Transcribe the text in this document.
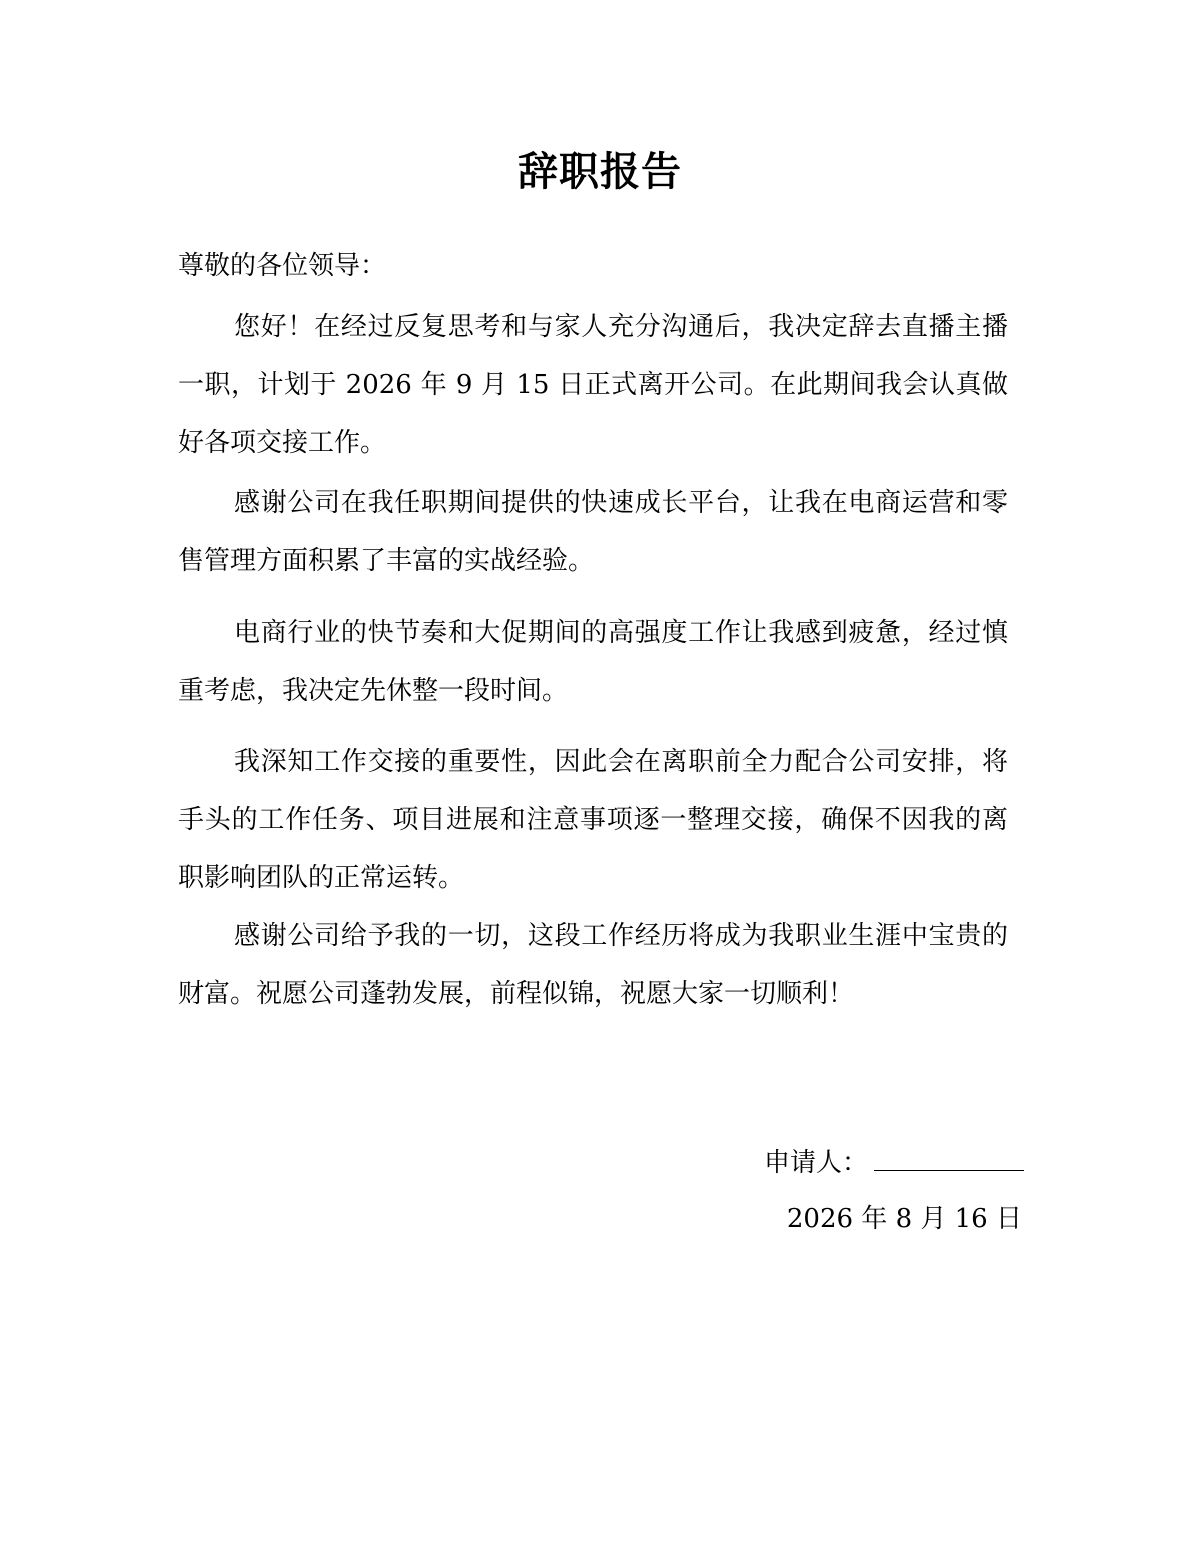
辞职报告
尊敬的各位领导：

您好！在经过反复思考和与家人充分沟通后，我决定辞去直播主播一职，计划于 2026 年 9 月 15 日正式离开公司。在此期间我会认真做好各项交接工作。

感谢公司在我任职期间提供的快速成长平台，让我在电商运营和零售管理方面积累了丰富的实战经验。

电商行业的快节奏和大促期间的高强度工作让我感到疲惫，经过慎重考虑，我决定先休整一段时间。

我深知工作交接的重要性，因此会在离职前全力配合公司安排，将手头的工作任务、项目进展和注意事项逐一整理交接，确保不因我的离职影响团队的正常运转。

感谢公司给予我的一切，这段工作经历将成为我职业生涯中宝贵的财富。祝愿公司蓬勃发展，前程似锦，祝愿大家一切顺利！

申请人：
2026 年 8 月 16 日
